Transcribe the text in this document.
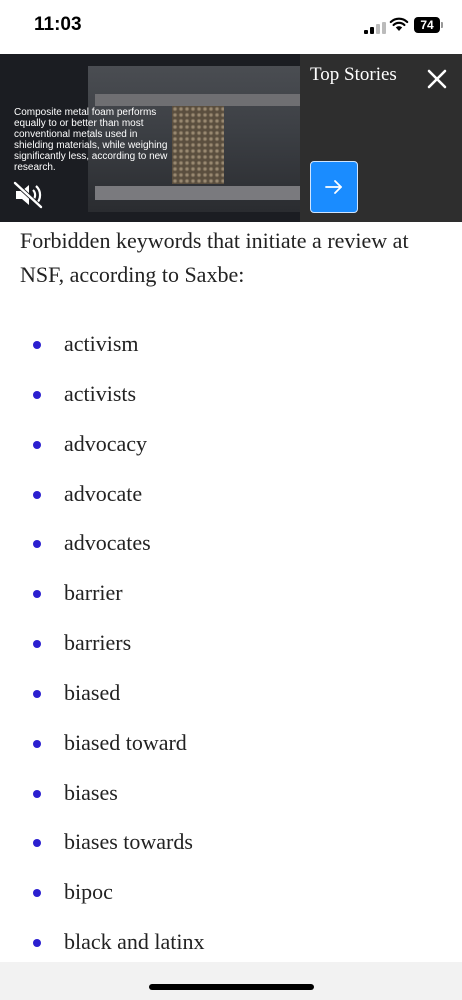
11:03	74
Composite metal foam performs equally to or better than most conventional metals used in shielding materials, while weighing significantly less, according to new research.
Top Stories

Forbidden keywords that initiate a review at NSF, according to Saxbe:

activism
activists
advocacy
advocate
advocates
barrier
barriers
biased
biased toward
biases
biases towards
bipoc
black and latinx
